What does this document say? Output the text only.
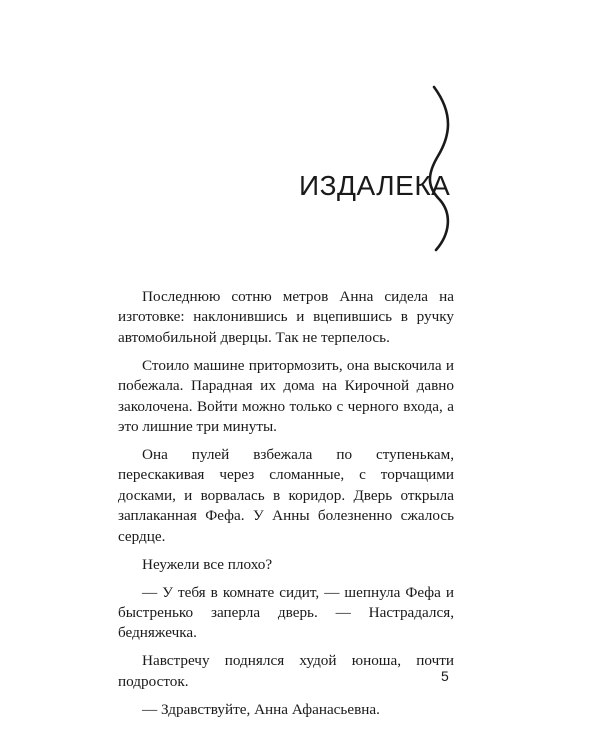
ИЗДАЛЕКА

Последнюю сотню метров Анна сидела на изготовке: наклонившись и вцепившись в ручку автомобильной дверцы. Так не терпелось.

Стоило машине притормозить, она выскочила и побежала. Парадная их дома на Кирочной давно заколочена. Войти можно только с черного входа, а это лишние три минуты.

Она пулей взбежала по ступенькам, перескакивая через сломанные, с торчащими досками, и ворвалась в коридор. Дверь открыла заплаканная Фефа. У Анны болезненно сжалось сердце.

Неужели все плохо?

— У тебя в комнате сидит, — шепнула Фефа и быстренько заперла дверь. — Настрадался, бедняжечка.

Навстречу поднялся худой юноша, почти подросток.

— Здравствуйте, Анна Афанасьевна.

5
